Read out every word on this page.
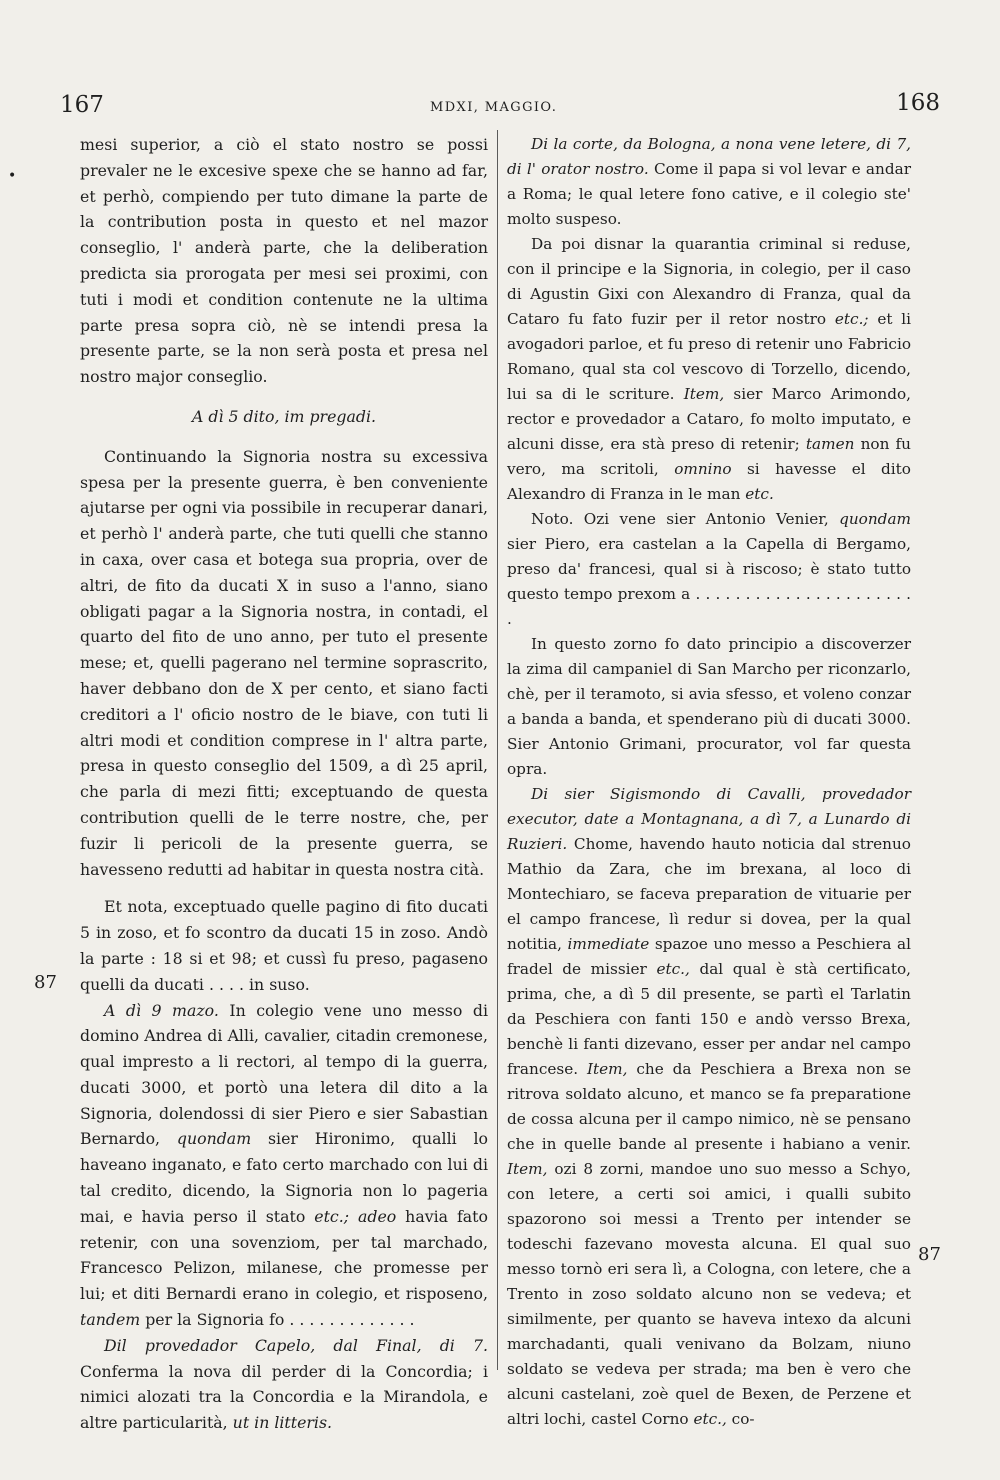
167	MDXI, MAGGIO.	168
•
87
87

mesi superior, a ciò el stato nostro se possi prevaler ne le excesive spexe che se hanno ad far, et perhò, compiendo per tuto dimane la parte de la contribution posta in questo et nel mazor conseglio, l' anderà parte, che la deliberation predicta sia prorogata per mesi sei proximi, con tuti i modi et condition contenute ne la ultima parte presa sopra ciò, nè se intendi presa la presente parte, se la non serà posta et presa nel nostro major conseglio.

A dì 5 dito, im pregadi.

Continuando la Signoria nostra su excessiva spesa per la presente guerra, è ben conveniente ajutarse per ogni via possibile in recuperar danari, et perhò l' anderà parte, che tuti quelli che stanno in caxa, over casa et botega sua propria, over de altri, de fito da ducati X in suso a l'anno, siano obligati pagar a la Signoria nostra, in contadi, el quarto del fito de uno anno, per tuto el presente mese; et, quelli pagerano nel termine soprascrito, haver debbano don de X per cento, et siano facti creditori a l' oficio nostro de le biave, con tuti li altri modi et condition comprese in l' altra parte, presa in questo conseglio del 1509, a dì 25 april, che parla di mezi fitti; exceptuando de questa contribution quelli de le terre nostre, che, per fuzir li pericoli de la presente guerra, se havesseno redutti ad habitar in questa nostra cità.

Et nota, exceptuado quelle pagino di fito ducati 5 in zoso, et fo scontro da ducati 15 in zoso. Andò la parte : 18 si et 98; et cussì fu preso, pagaseno quelli da ducati . . . . in suso.

A dì 9 mazo. In colegio vene uno messo di domino Andrea di Alli, cavalier, citadin cremonese, qual impresto a li rectori, al tempo di la guerra, ducati 3000, et portò una letera dil dito a la Signoria, dolendossi di sier Piero e sier Sabastian Bernardo, quondam sier Hironimo, qualli lo haveano inganato, e fato certo marchado con lui di tal credito, dicendo, la Signoria non lo pageria mai, e havia perso il stato etc.; adeo havia fato retenir, con una sovenziom, per tal marchado, Francesco Pelizon, milanese, che promesse per lui; et diti Bernardi erano in colegio, et risposeno, tandem per la Signoria fo . . . . . . . . . . . . .

Dil provedador Capelo, dal Final, di 7. Conferma la nova dil perder di la Concordia; i nimici alozati tra la Concordia e la Mirandola, e altre particularità, ut in litteris.

Di la corte, da Bologna, a nona vene letere, di 7, di l' orator nostro. Come il papa si vol levar e andar a Roma; le qual letere fono cative, e il colegio ste' molto suspeso.

Da poi disnar la quarantia criminal si reduse, con il principe e la Signoria, in colegio, per il caso di Agustin Gixi con Alexandro di Franza, qual da Cataro fu fato fuzir per il retor nostro etc.; et li avogadori parloe, et fu preso di retenir uno Fabricio Romano, qual sta col vescovo di Torzello, dicendo, lui sa di le scriture. Item, sier Marco Arimondo, rector e provedador a Cataro, fo molto imputato, e alcuni disse, era stà preso di retenir; tamen non fu vero, ma scritoli, omnino si havesse el dito Alexandro di Franza in le man etc.

Noto. Ozi vene sier Antonio Venier, quondam sier Piero, era castelan a la Capella di Bergamo, preso da' francesi, qual si à riscoso; è stato tutto questo tempo prexom a . . . . . . . . . . . . . . . . . . . . . . .

In questo zorno fo dato principio a discoverzer la zima dil campaniel di San Marcho per riconzarlo, chè, per il teramoto, si avia sfesso, et voleno conzar a banda a banda, et spenderano più di ducati 3000. Sier Antonio Grimani, procurator, vol far questa opra.

Di sier Sigismondo di Cavalli, provedador executor, date a Montagnana, a dì 7, a Lunardo di Ruzieri. Chome, havendo hauto noticia dal strenuo Mathio da Zara, che im brexana, al loco di Montechiaro, se faceva preparation de vituarie per el campo francese, lì redur si dovea, per la qual notitia, immediate spazoe uno messo a Peschiera al fradel de missier etc., dal qual è stà certificato, prima, che, a dì 5 dil presente, se partì el Tarlatin da Peschiera con fanti 150 e andò versso Brexa, benchè li fanti dizevano, esser per andar nel campo francese. Item, che da Peschiera a Brexa non se ritrova soldato alcuno, et manco se fa preparatione de cossa alcuna per il campo nimico, nè se pensano che in quelle bande al presente i habiano a venir. Item, ozi 8 zorni, mandoe uno suo messo a Schyo, con letere, a certi soi amici, i qualli subito spazorono soi messi a Trento per intender se todeschi fazevano movesta alcuna. El qual suo messo tornò eri sera lì, a Cologna, con letere, che a Trento in zoso soldato alcuno non se vedeva; et similmente, per quanto se haveva intexo da alcuni marchadanti, quali venivano da Bolzam, niuno soldato se vedeva per strada; ma ben è vero che alcuni castelani, zoè quel de Bexen, de Perzene et altri lochi, castel Corno etc., co-
